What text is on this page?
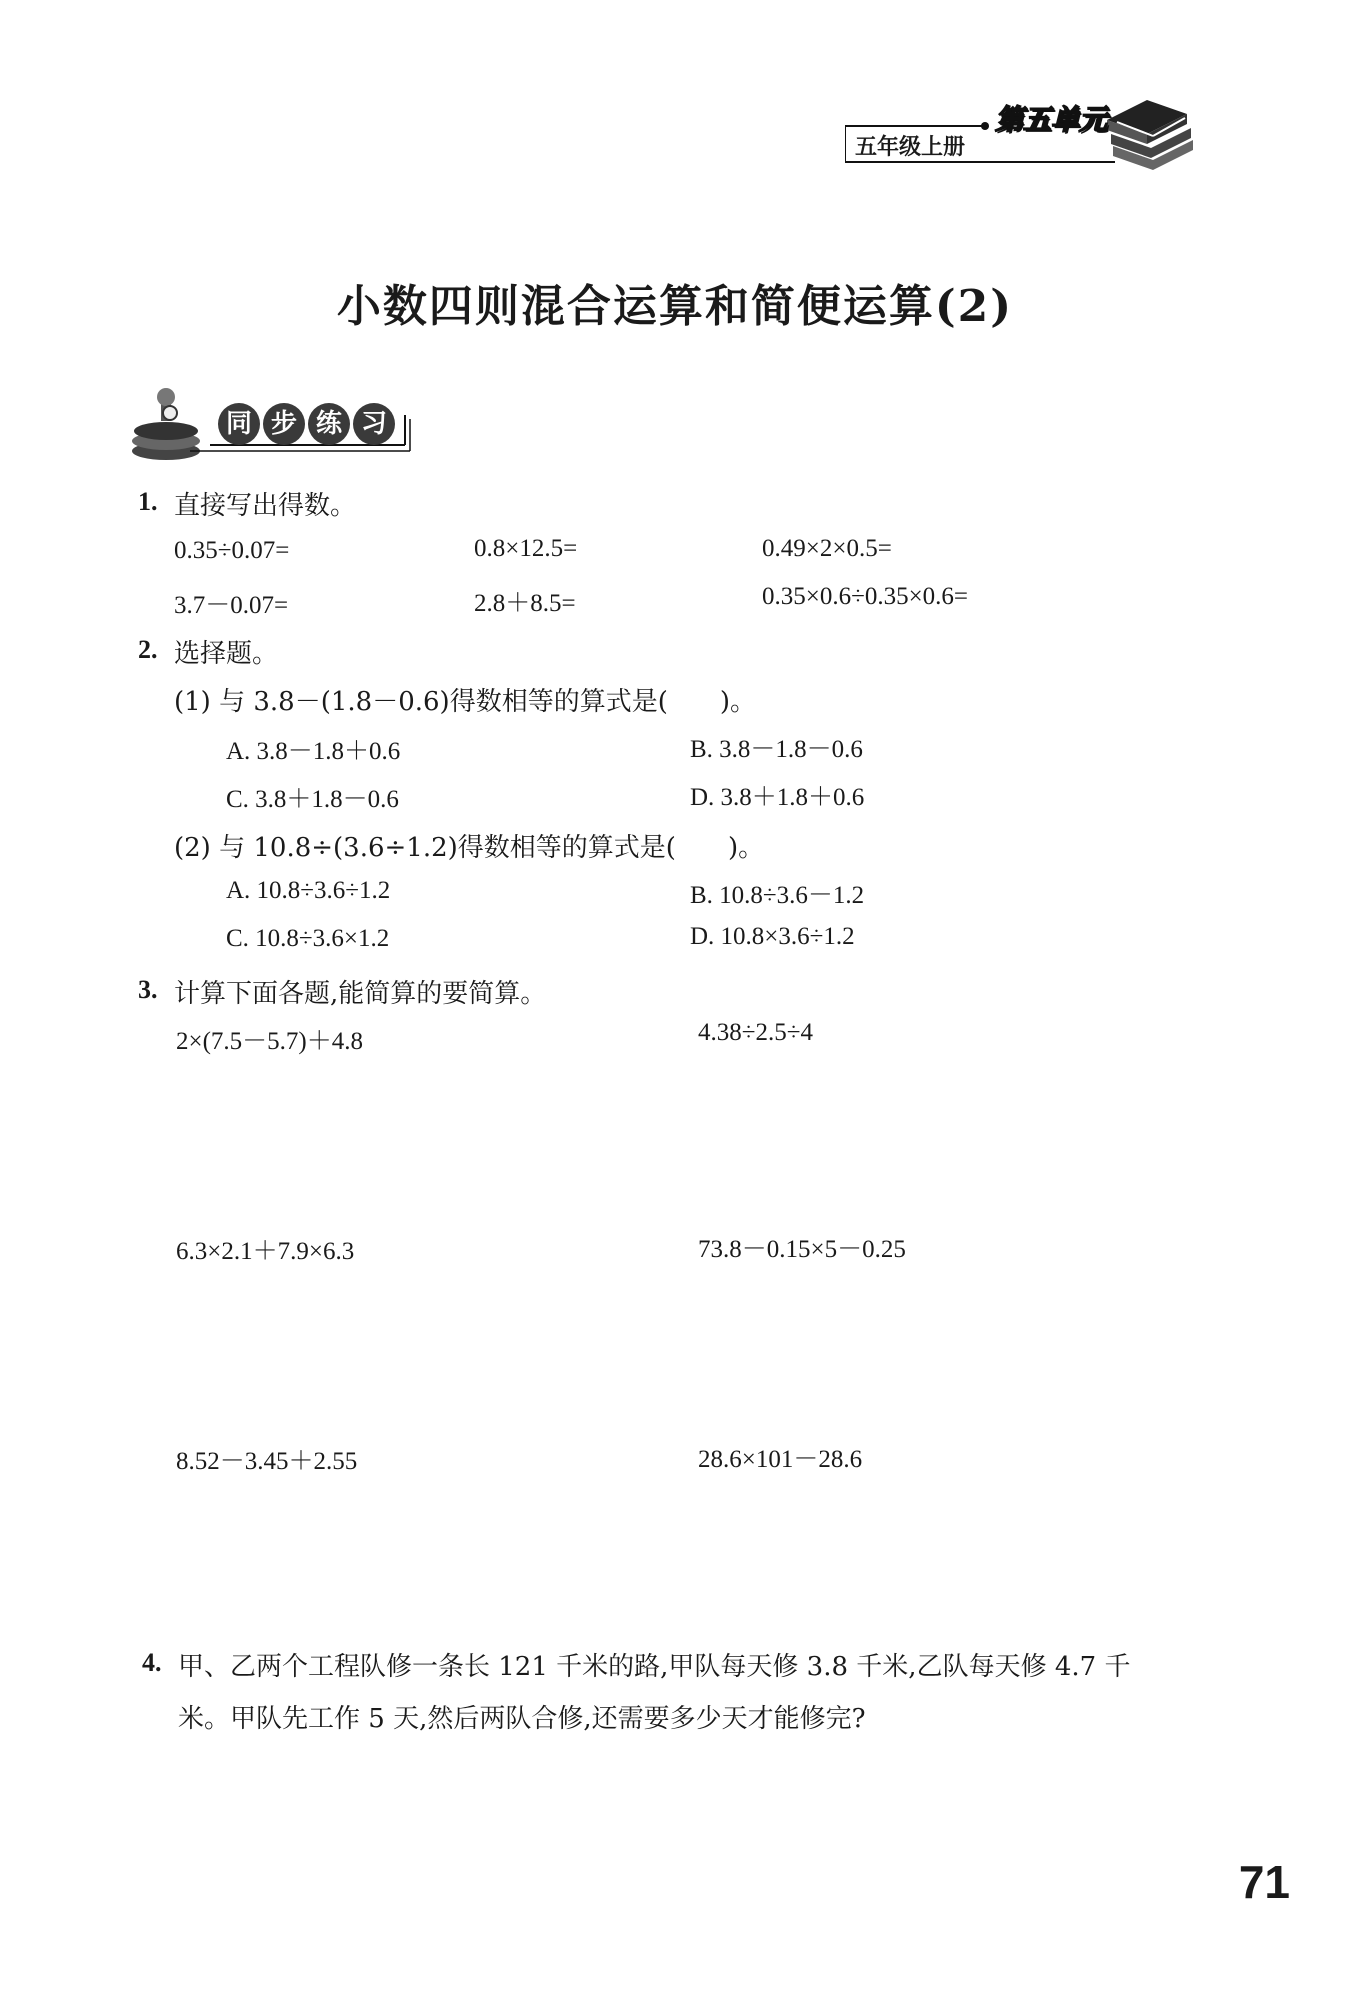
五年级上册
第五单元
小数四则混合运算和简便运算(2)
同 步 练 习
1. 直接写出得数。
0.35÷0.07=	0.8×12.5=	0.49×2×0.5=
3.7－0.07=	2.8＋8.5=	0.35×0.6÷0.35×0.6=
2. 选择题。
(1) 与 3.8－(1.8－0.6)得数相等的算式是(　　)。
A. 3.8－1.8＋0.6	B. 3.8－1.8－0.6
C. 3.8＋1.8－0.6	D. 3.8＋1.8＋0.6
(2) 与 10.8÷(3.6÷1.2)得数相等的算式是(　　)。
A. 10.8÷3.6÷1.2	B. 10.8÷3.6－1.2
C. 10.8÷3.6×1.2	D. 10.8×3.6÷1.2
3. 计算下面各题,能简算的要简算。
2×(7.5－5.7)＋4.8	4.38÷2.5÷4
6.3×2.1＋7.9×6.3	73.8－0.15×5－0.25
8.52－3.45＋2.55	28.6×101－28.6
4. 甲、乙两个工程队修一条长 121 千米的路,甲队每天修 3.8 千米,乙队每天修 4.7 千
米。甲队先工作 5 天,然后两队合修,还需要多少天才能修完?
71
